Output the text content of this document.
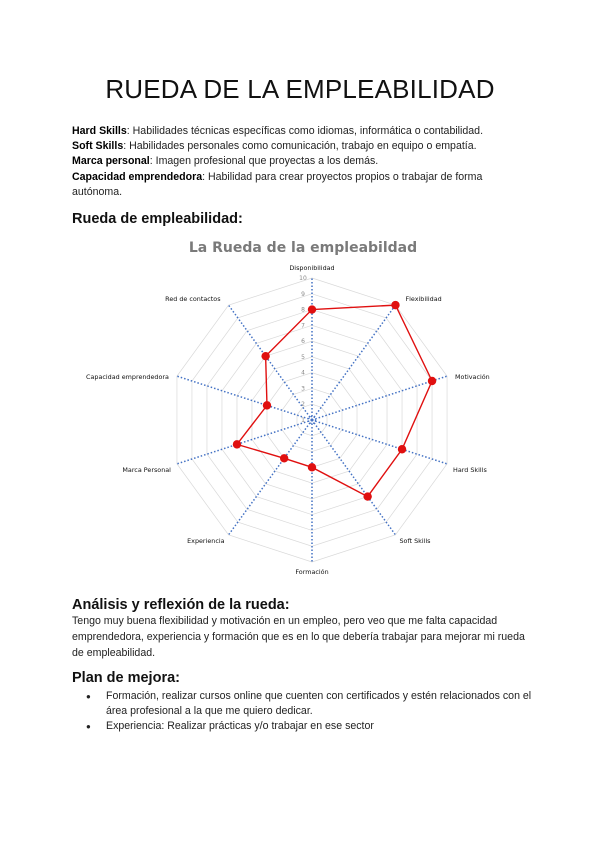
RUEDA DE LA EMPLEABILIDAD

Hard Skills: Habilidades técnicas específicas como idiomas, informática o contabilidad.

Soft Skills: Habilidades personales como comunicación, trabajo en equipo o empatía.

Marca personal: Imagen profesional que proyectas a los demás.

Capacidad emprendedora: Habilidad para crear proyectos propios o trabajar de forma autónoma.

Rueda de empleabilidad:
La Rueda de la empleabildad
1
2
3
4
5
6
7
8
9
10
Disponibilidad
Flexibilidad
Motivación
Hard Skills
Soft Skills
Formación
Experiencia
Marca Personal
Capacidad emprendedora
Red de contactos
Análisis y reflexión de la rueda:
Tengo muy buena flexibilidad y motivación en un empleo, pero veo que me falta capacidad emprendedora, experiencia y formación que es en lo que debería trabajar para mejorar mi rueda de empleabilidad.
Plan de mejora:
● Formación, realizar cursos online que cuenten con certificados y estén relacionados con el área profesional a la que me quiero dedicar.
● Experiencia: Realizar prácticas y/o trabajar en ese sector
